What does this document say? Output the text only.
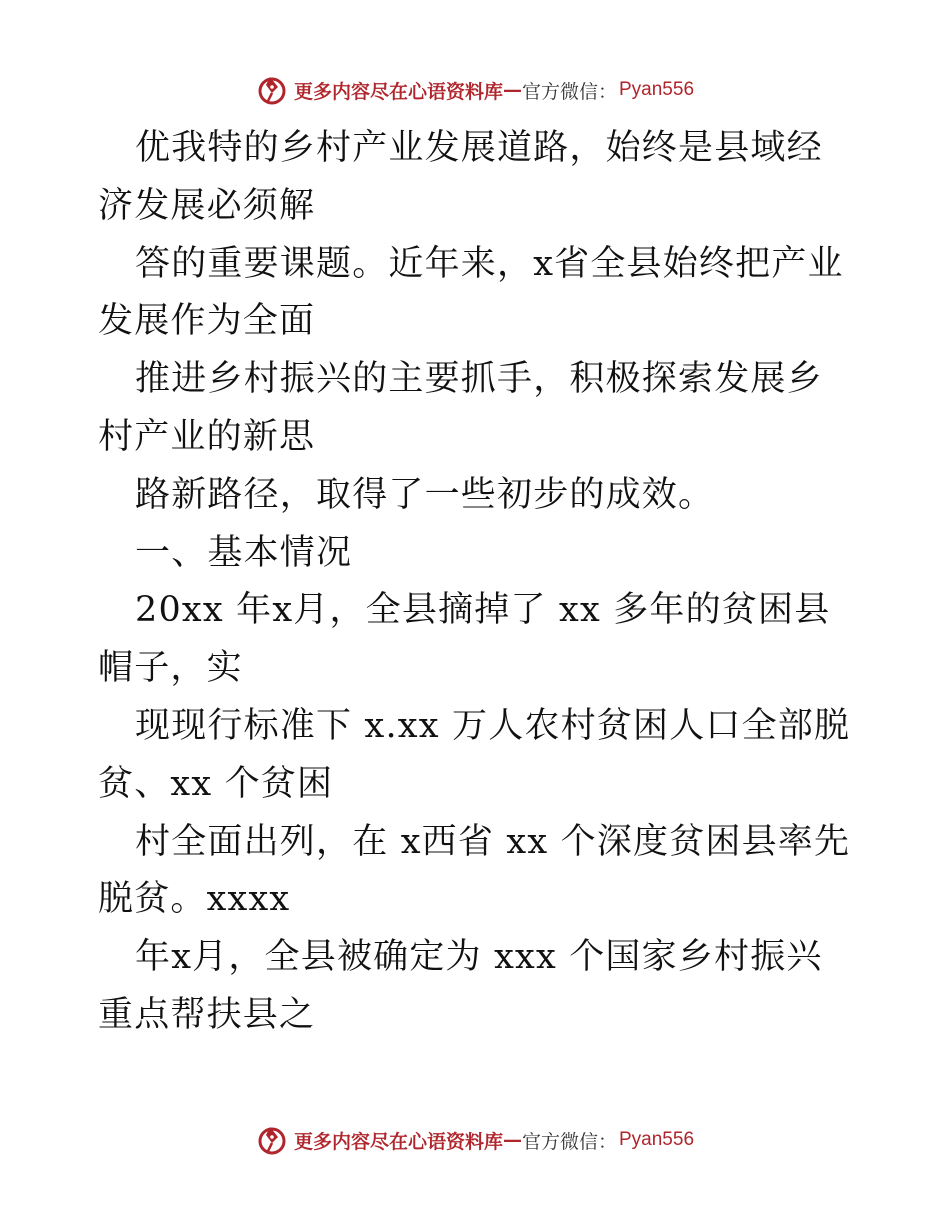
更多内容尽在心语资料库 — 官方微信： Pyan556

优我特的乡村产业发展道路，始终是县域经济发展必须解

答的重要课题。近年来，x省全县始终把产业发展作为全面

推进乡村振兴的主要抓手，积极探索发展乡村产业的新思

路新路径，取得了一些初步的成效。

一、基本情况

20xx 年x月，全县摘掉了 xx 多年的贫困县帽子，实

现现行标准下 x.xx 万人农村贫困人口全部脱贫、xx 个贫困

村全面出列，在 x西省 xx 个深度贫困县率先脱贫。xxxx

年x月，全县被确定为 xxx 个国家乡村振兴重点帮扶县之

更多内容尽在心语资料库 — 官方微信： Pyan556
